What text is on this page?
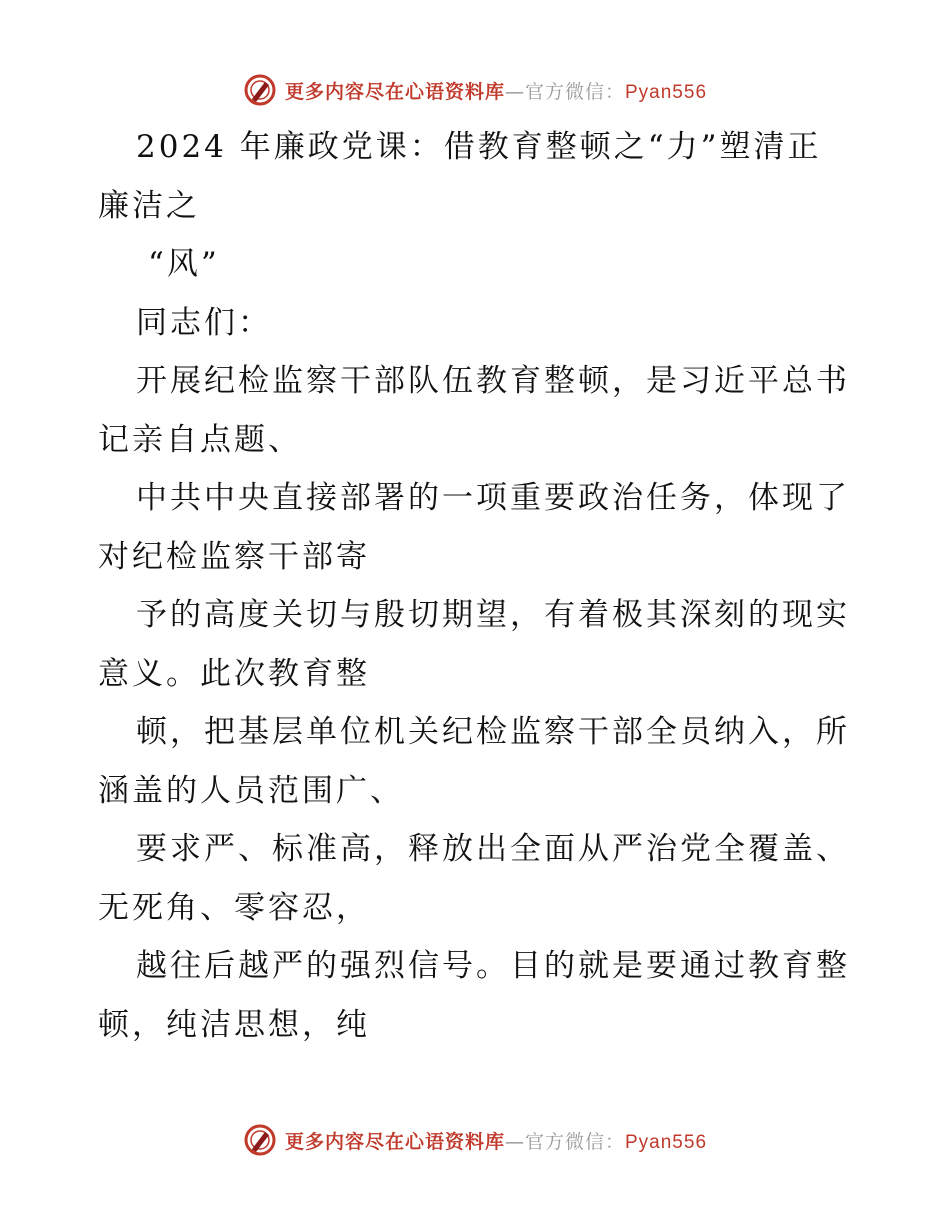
更多内容尽在心语资料库—官方微信：Pyan556
2024 年廉政党课：借教育整顿之“力”塑清正
廉洁之
“风”
同志们：
开展纪检监察干部队伍教育整顿，是习近平总书
记亲自点题、
中共中央直接部署的一项重要政治任务，体现了
对纪检监察干部寄
予的高度关切与殷切期望，有着极其深刻的现实
意义。此次教育整
顿，把基层单位机关纪检监察干部全员纳入，所
涵盖的人员范围广、
要求严、标准高，释放出全面从严治党全覆盖、
无死角、零容忍，
越往后越严的强烈信号。目的就是要通过教育整
顿，纯洁思想，纯
更多内容尽在心语资料库—官方微信：Pyan556
